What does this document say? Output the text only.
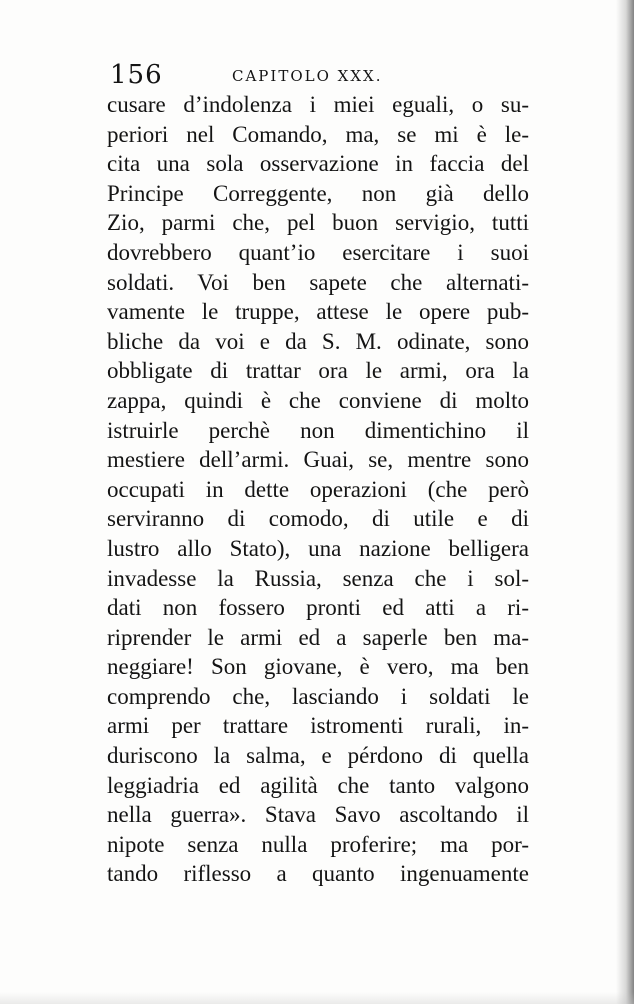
156	CAPITOLO XXX.
cusare d’indolenza i miei eguali, o su-
periori nel Comando, ma, se mi è le-
cita una sola osservazione in faccia del
Principe Correggente, non già dello
Zio, parmi che, pel buon servigio, tutti
dovrebbero quant’io esercitare i suoi
soldati. Voi ben sapete che alternati-
vamente le truppe, attese le opere pub-
bliche da voi e da S. M. odinate, sono
obbligate di trattar ora le armi, ora la
zappa, quindi è che conviene di molto
istruirle perchè non dimentichino il
mestiere dell’armi. Guai, se, mentre sono
occupati in dette operazioni (che però
serviranno di comodo, di utile e di
lustro allo Stato), una nazione belligera
invadesse la Russia, senza che i sol-
dati non fossero pronti ed atti a ri-
riprender le armi ed a saperle ben ma-
neggiare! Son giovane, è vero, ma ben
comprendo che, lasciando i soldati le
armi per trattare istromenti rurali, in-
duriscono la salma, e pérdono di quella
leggiadria ed agilità che tanto valgono
nella guerra». Stava Savo ascoltando il
nipote senza nulla proferire; ma por-
tando riflesso a quanto ingenuamente
